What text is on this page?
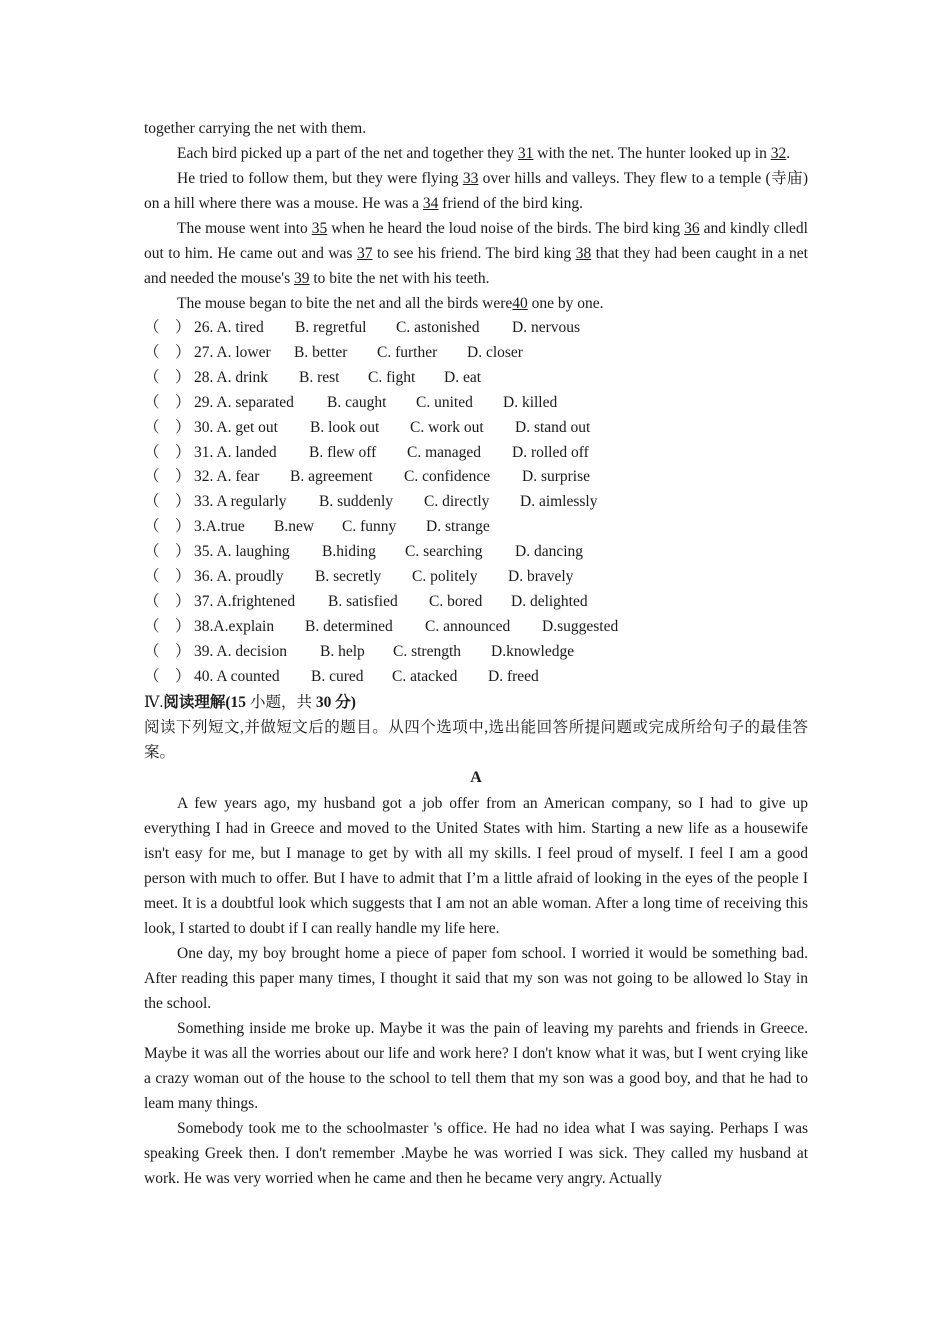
together carrying the net with them.

Each bird picked up a part of the net and together they 31 with the net. The hunter looked up in 32.

He tried to follow them, but they were flying 33 over hills and valleys. They flew to a temple (寺庙) on a hill where there was a mouse. He was a 34 friend of the bird king.

The mouse went into 35 when he heard the loud noise of the birds. The bird king 36 and kindly clledl out to him. He came out and was 37 to see his friend. The bird king 38 that they had been caught in a net and needed the mouse's 39 to bite the net with his teeth.

The mouse began to bite the net and all the birds were40 one by one.

（　） 26. A. tired B. regretful C. astonished D. nervous

（　） 27. A. lower B. better C. further D. closer

（　） 28. A. drink B. rest C. fight D. eat

（　） 29. A. separated B. caught C. united D. killed

（　） 30. A. get out B. look out C. work out D. stand out

（　） 31. A. landed B. flew off C. managed D. rolled off

（　） 32. A. fear B. agreement C. confidence D. surprise

（　） 33. A regularly B. suddenly C. directly D. aimlessly

（　） 3.A.true B.new C. funny D. strange

（　） 35. A. laughing B.hiding C. searching D. dancing

（　） 36. A. proudly B. secretly C. politely D. bravely

（　） 37. A.frightened B. satisfied C. bored D. delighted

（　） 38.A.explain B. determined C. announced D.suggested

（　） 39. A. decision B. help C. strength D.knowledge

（　） 40. A counted B. cured C. atacked D. freed

Ⅳ.阅读理解(15 小题，共 30 分)

阅读下列短文,并做短文后的题目。从四个选项中,选出能回答所提问题或完成所给句子的最佳答案。

A

A few years ago, my husband got a job offer from an American company, so I had to give up everything I had in Greece and moved to the United States with him. Starting a new life as a housewife isn't easy for me, but I manage to get by with all my skills. I feel proud of myself. I feel I am a good person with much to offer. But I have to admit that I’m a little afraid of looking in the eyes of the people I meet. It is a doubtful look which suggests that I am not an able woman. After a long time of receiving this look, I started to doubt if I can really handle my life here.

One day, my boy brought home a piece of paper fom school. I worried it would be something bad. After reading this paper many times, I thought it said that my son was not going to be allowed lo Stay in the school.

Something inside me broke up. Maybe it was the pain of leaving my parehts and friends in Greece. Maybe it was all the worries about our life and work here? I don't know what it was, but I went crying like a crazy woman out of the house to the school to tell them that my son was a good boy, and that he had to leam many things.

Somebody took me to the schoolmaster 's office. He had no idea what I was saying. Perhaps I was speaking Greek then. I don't remember .Maybe he was worried I was sick. They called my husband at work. He was very worried when he came and then he became very angry. Actually
